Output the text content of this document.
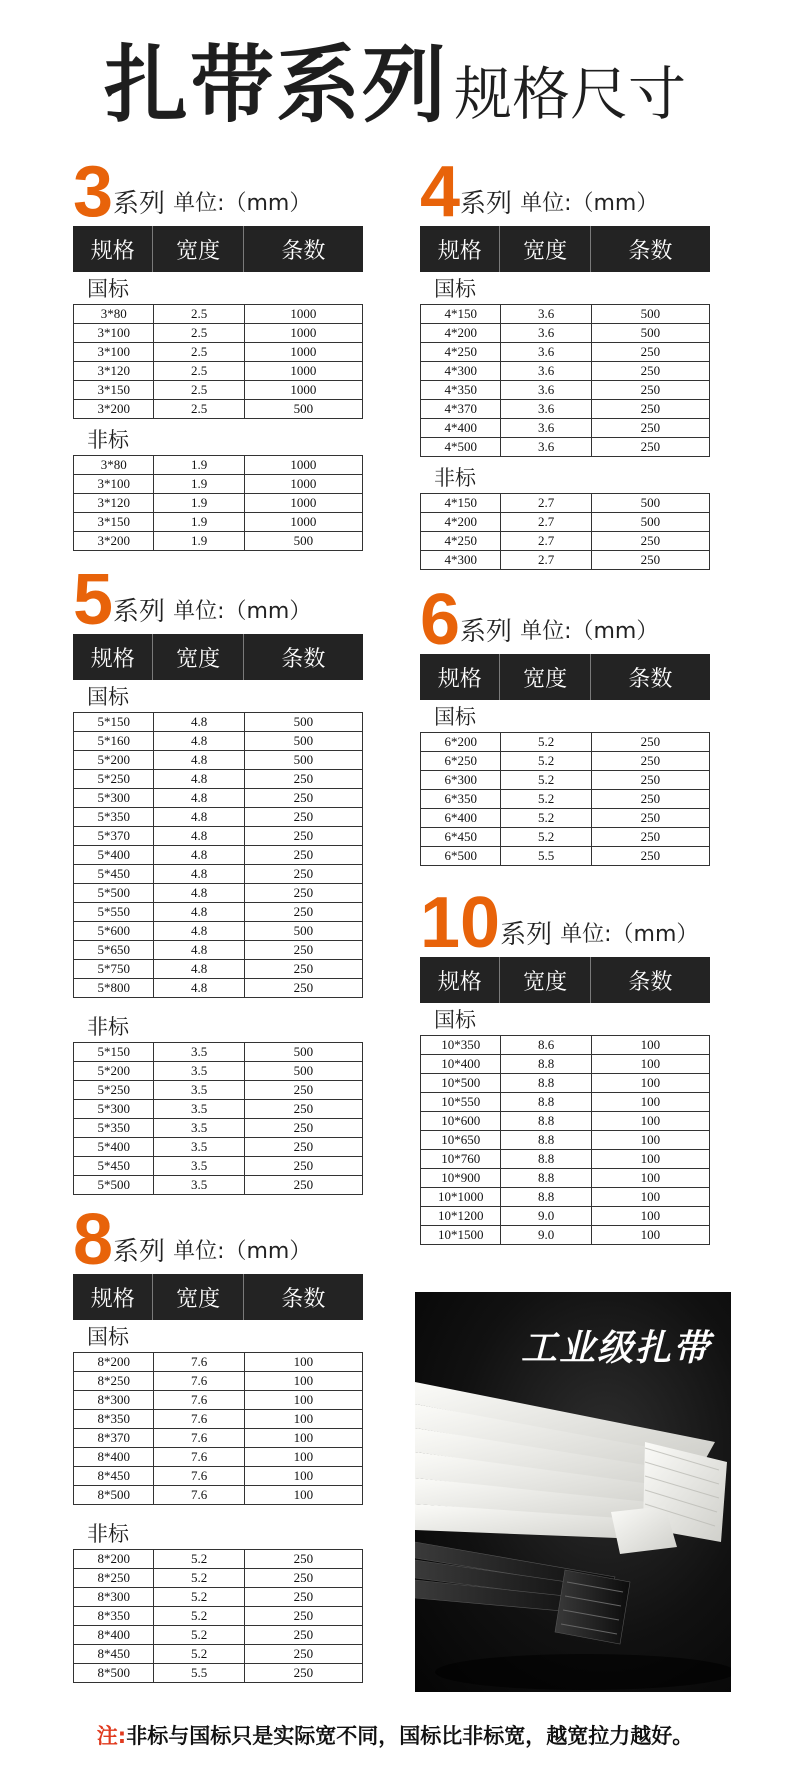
扎带系列 规格尺寸
3系列 单位:（mm）
规格	宽度	条数
国标
3*80	2.5	1000
3*100	2.5	1000
3*100	2.5	1000
3*120	2.5	1000
3*150	2.5	1000
3*200	2.5	500
非标
3*80	1.9	1000
3*100	1.9	1000
3*120	1.9	1000
3*150	1.9	1000
3*200	1.9	500
4系列 单位:（mm）
规格	宽度	条数
国标
4*150	3.6	500
4*200	3.6	500
4*250	3.6	250
4*300	3.6	250
4*350	3.6	250
4*370	3.6	250
4*400	3.6	250
4*500	3.6	250
非标
4*150	2.7	500
4*200	2.7	500
4*250	2.7	250
4*300	2.7	250
5系列 单位:（mm）
规格	宽度	条数
国标
5*150	4.8	500
5*160	4.8	500
5*200	4.8	500
5*250	4.8	250
5*300	4.8	250
5*350	4.8	250
5*370	4.8	250
5*400	4.8	250
5*450	4.8	250
5*500	4.8	250
5*550	4.8	250
5*600	4.8	500
5*650	4.8	250
5*750	4.8	250
5*800	4.8	250
非标
5*150	3.5	500
5*200	3.5	500
5*250	3.5	250
5*300	3.5	250
5*350	3.5	250
5*400	3.5	250
5*450	3.5	250
5*500	3.5	250
6系列 单位:（mm）
规格	宽度	条数
国标
6*200	5.2	250
6*250	5.2	250
6*300	5.2	250
6*350	5.2	250
6*400	5.2	250
6*450	5.2	250
6*500	5.5	250
10系列 单位:（mm）
规格	宽度	条数
国标
10*350	8.6	100
10*400	8.8	100
10*500	8.8	100
10*550	8.8	100
10*600	8.8	100
10*650	8.8	100
10*760	8.8	100
10*900	8.8	100
10*1000	8.8	100
10*1200	9.0	100
10*1500	9.0	100
8系列 单位:（mm）
规格	宽度	条数
国标
8*200	7.6	100
8*250	7.6	100
8*300	7.6	100
8*350	7.6	100
8*370	7.6	100
8*400	7.6	100
8*450	7.6	100
8*500	7.6	100
非标
8*200	5.2	250
8*250	5.2	250
8*300	5.2	250
8*350	5.2	250
8*400	5.2	250
8*450	5.2	250
8*500	5.5	250
工业级扎带
注:非标与国标只是实际宽不同，国标比非标宽，越宽拉力越好。
